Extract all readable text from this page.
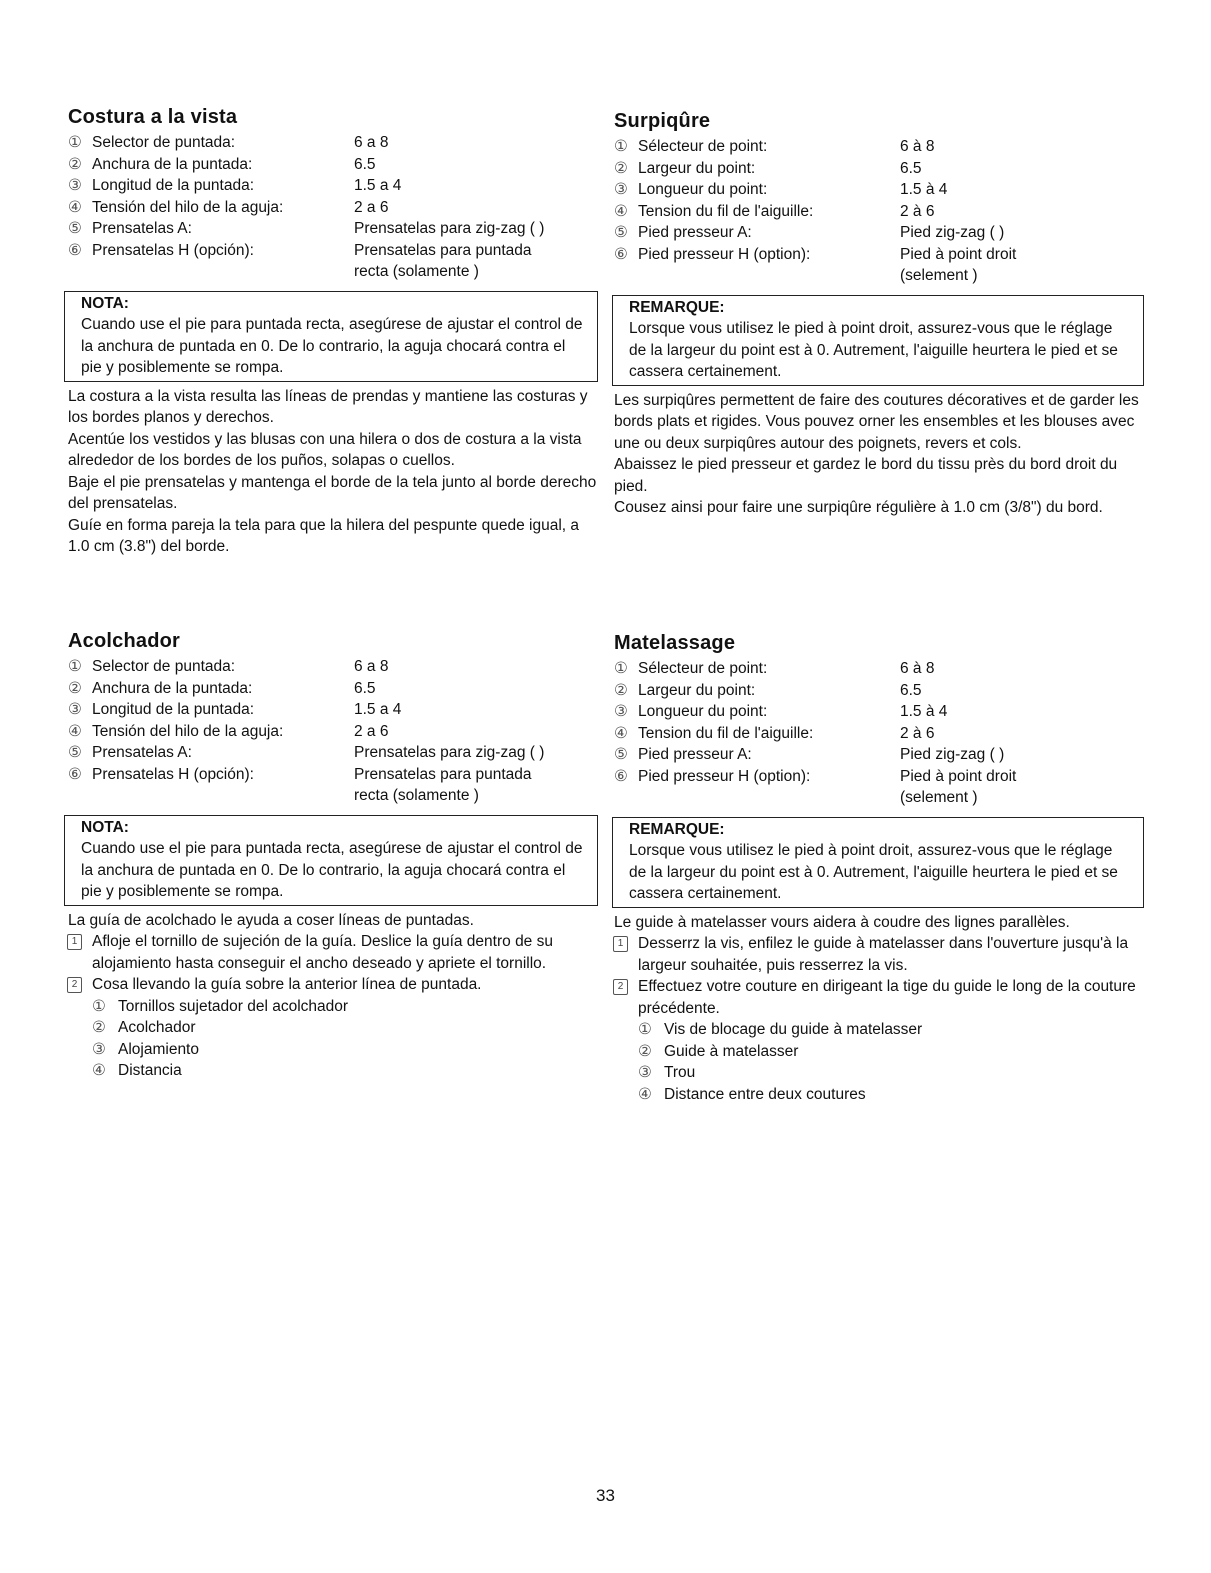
Costura a la vista
① Selector de puntada:	6 a 8
② Anchura de la puntada:	6.5
③ Longitud de la puntada:	1.5 a 4
④ Tensión del hilo de la aguja:	2 a 6
⑤ Prensatelas A:	Prensatelas para zig-zag ( )
⑥ Prensatelas H (opción):	Prensatelas para puntada
recta (solamente )
NOTA:
Cuando use el pie para puntada recta, asegúrese de ajustar el control de la anchura de puntada en 0. De lo contrario, la aguja chocará contra el pie y posiblemente se rompa.

La costura a la vista resulta las líneas de prendas y mantiene las costuras y los bordes planos y derechos.

Acentúe los vestidos y las blusas con una hilera o dos de costura a la vista alrededor de los bordes de los puños, solapas o cuellos.

Baje el pie prensatelas y mantenga el borde de la tela junto al borde derecho del prensatelas.

Guíe en forma pareja la tela para que la hilera del pespunte quede igual, a 1.0 cm (3.8") del borde.

Surpiqûre
① Sélecteur de point:	6 à 8
② Largeur du point:	6.5
③ Longueur du point:	1.5 à 4
④ Tension du fil de l'aiguille:	2 à 6
⑤ Pied presseur A:	Pied zig-zag ( )
⑥ Pied presseur H (option):	Pied à point droit
(selement )
REMARQUE:
Lorsque vous utilisez le pied à point droit, assurez-vous que le réglage de la largeur du point est à 0. Autrement, l'aiguille heurtera le pied et se cassera certainement.

Les surpiqûres permettent de faire des coutures décoratives et de garder les bords plats et rigides. Vous pouvez orner les ensembles et les blouses avec une ou deux surpiqûres autour des poignets, revers et cols.

Abaissez le pied presseur et gardez le bord du tissu près du bord droit du pied.

Cousez ainsi pour faire une surpiqûre régulière à 1.0 cm (3/8") du bord.

Acolchador
① Selector de puntada:	6 a 8
② Anchura de la puntada:	6.5
③ Longitud de la puntada:	1.5 a 4
④ Tensión del hilo de la aguja:	2 a 6
⑤ Prensatelas A:	Prensatelas para zig-zag ( )
⑥ Prensatelas H (opción):	Prensatelas para puntada
recta (solamente )
NOTA:
Cuando use el pie para puntada recta, asegúrese de ajustar el control de la anchura de puntada en 0. De lo contrario, la aguja chocará contra el pie y posiblemente se rompa.
La guía de acolchado le ayuda a coser líneas de puntadas.
1 Afloje el tornillo de sujeción de la guía. Deslice la guía dentro de su alojamiento hasta conseguir el ancho deseado y apriete el tornillo.
2 Cosa llevando la guía sobre la anterior línea de puntada.
① Tornillos sujetador del acolchador
② Acolchador
③ Alojamiento
④ Distancia
Matelassage
① Sélecteur de point:	6 à 8
② Largeur du point:	6.5
③ Longueur du point:	1.5 à 4
④ Tension du fil de l'aiguille:	2 à 6
⑤ Pied presseur A:	Pied zig-zag ( )
⑥ Pied presseur H (option):	Pied à point droit
(selement )
REMARQUE:
Lorsque vous utilisez le pied à point droit, assurez-vous que le réglage de la largeur du point est à 0. Autrement, l'aiguille heurtera le pied et se cassera certainement.
Le guide à matelasser vours aidera à coudre des lignes parallèles.
1 Desserrz la vis, enfilez le guide à matelasser dans l'ouverture jusqu'à la largeur souhaitée, puis resserrez la vis.
2 Effectuez votre couture en dirigeant la tige du guide le long de la couture précédente.
① Vis de blocage du guide à matelasser
② Guide à matelasser
③ Trou
④ Distance entre deux coutures
33
